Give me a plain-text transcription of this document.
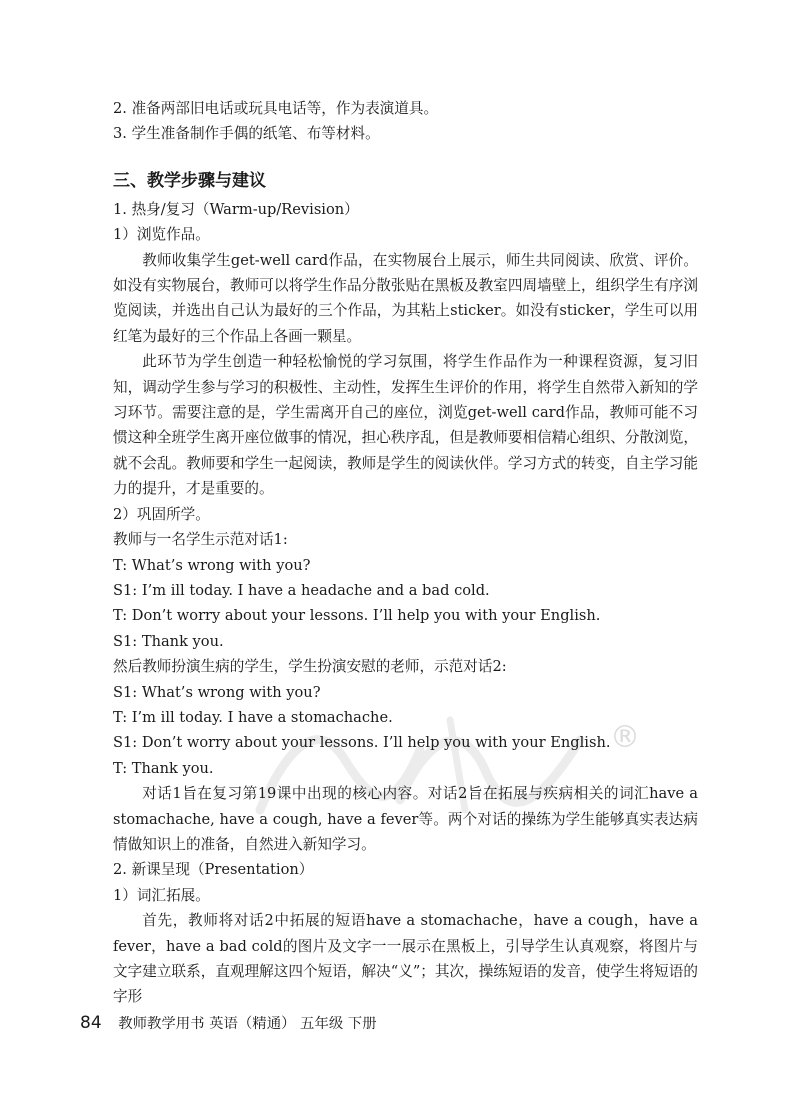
®
2. 准备两部旧电话或玩具电话等，作为表演道具。
3. 学生准备制作手偶的纸笔、布等材料。
三、教学步骤与建议
1. 热身/复习（Warm-up/Revision）
1）浏览作品。
教师收集学生get-well card作品，在实物展台上展示，师生共同阅读、欣赏、评价。如没有实物展台，教师可以将学生作品分散张贴在黑板及教室四周墙壁上，组织学生有序浏览阅读，并选出自己认为最好的三个作品，为其粘上sticker。如没有sticker，学生可以用红笔为最好的三个作品上各画一颗星。
此环节为学生创造一种轻松愉悦的学习氛围，将学生作品作为一种课程资源，复习旧知，调动学生参与学习的积极性、主动性，发挥生生评价的作用，将学生自然带入新知的学习环节。需要注意的是，学生需离开自己的座位，浏览get-well card作品，教师可能不习惯这种全班学生离开座位做事的情况，担心秩序乱，但是教师要相信精心组织、分散浏览，就不会乱。教师要和学生一起阅读，教师是学生的阅读伙伴。学习方式的转变，自主学习能力的提升，才是重要的。
2）巩固所学。
教师与一名学生示范对话1:
T: What’s wrong with you?
S1: I’m ill today. I have a headache and a bad cold.
T: Don’t worry about your lessons. I’ll help you with your English.
S1: Thank you.
然后教师扮演生病的学生，学生扮演安慰的老师，示范对话2:
S1: What’s wrong with you?
T: I’m ill today. I have a stomachache.
S1: Don’t worry about your lessons. I’ll help you with your English.
T: Thank you.
对话1旨在复习第19课中出现的核心内容。对话2旨在拓展与疾病相关的词汇have a stomachache, have a cough, have a fever等。两个对话的操练为学生能够真实表达病情做知识上的准备，自然进入新知学习。
2. 新课呈现（Presentation）
1）词汇拓展。
首先，教师将对话2中拓展的短语have a stomachache，have a cough，have a fever，have a bad cold的图片及文字一一展示在黑板上，引导学生认真观察，将图片与文字建立联系，直观理解这四个短语，解决“义”；其次，操练短语的发音，使学生将短语的字形
84 教师教学用书 英语（精通） 五年级 下册
